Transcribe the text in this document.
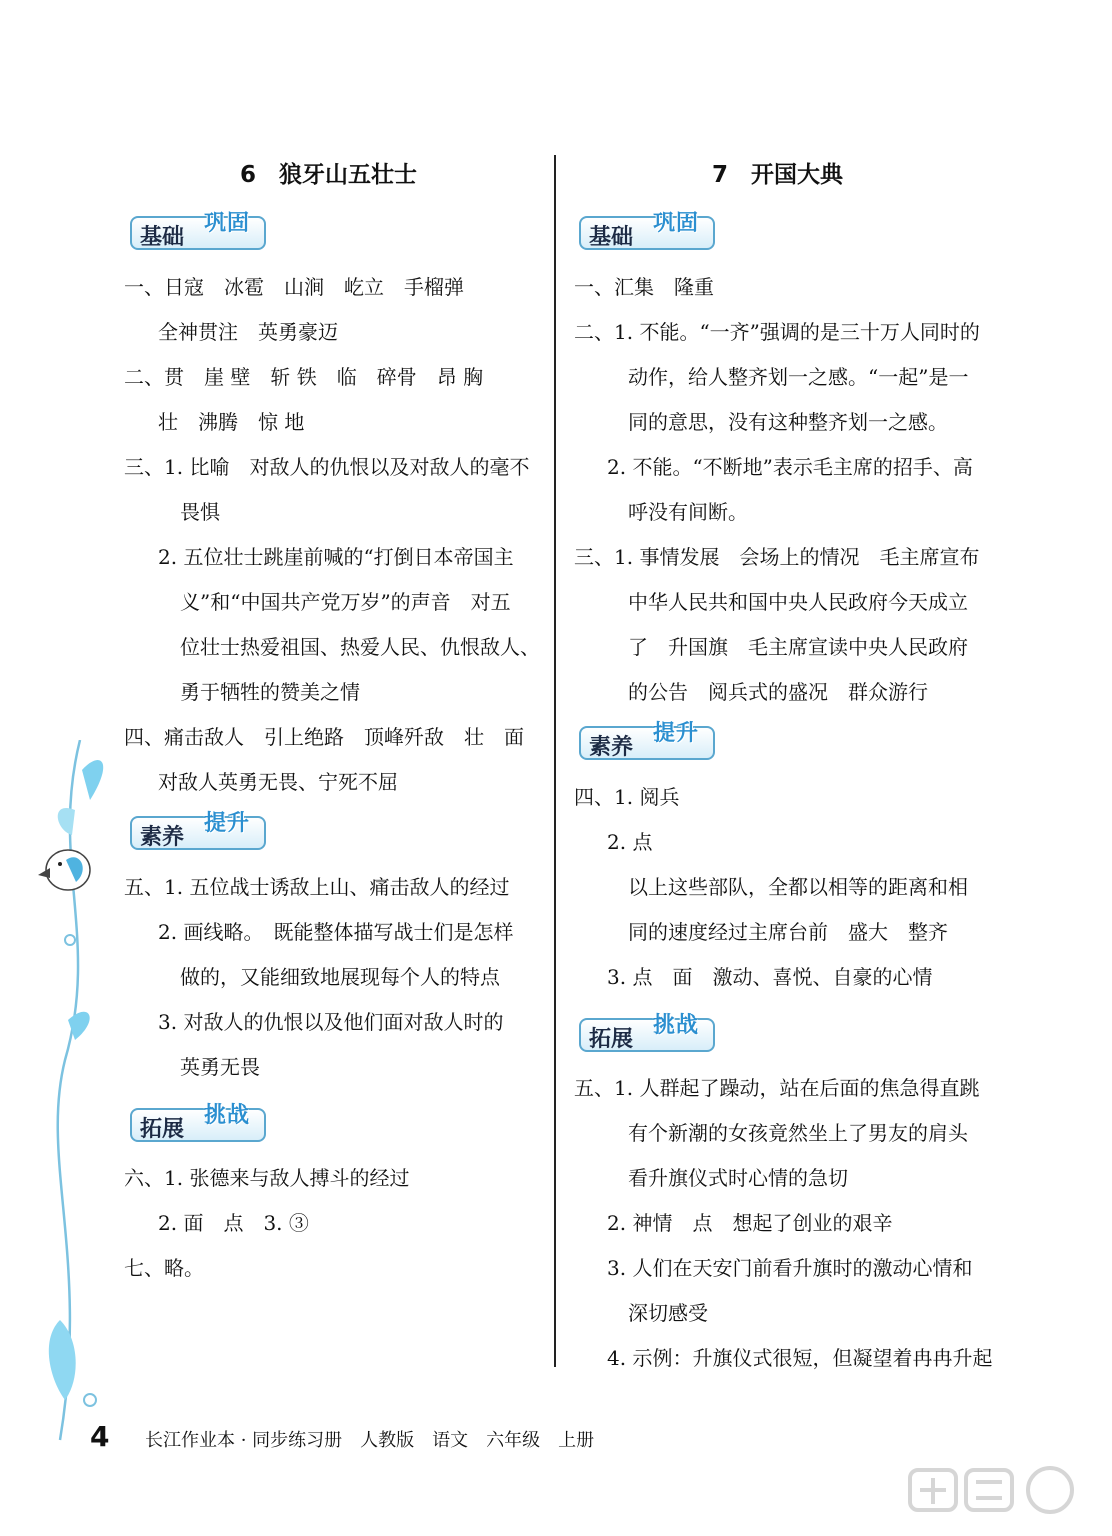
6　狼牙山五壮士
基础
巩固
一、日寇　冰雹　山涧　屹立　手榴弹
全神贯注　英勇豪迈
二、贯　崖 壁　斩 铁　临　碎骨　昂 胸
壮　沸腾　惊 地
三、1. 比喻　对敌人的仇恨以及对敌人的毫不
畏惧
2. 五位壮士跳崖前喊的“打倒日本帝国主
义”和“中国共产党万岁”的声音　对五
位壮士热爱祖国、热爱人民、仇恨敌人、
勇于牺牲的赞美之情
四、痛击敌人　引上绝路　顶峰歼敌　壮　面
对敌人英勇无畏、宁死不屈
素养
提升
五、1. 五位战士诱敌上山、痛击敌人的经过
2. 画线略。　既能整体描写战士们是怎样
做的，又能细致地展现每个人的特点
3. 对敌人的仇恨以及他们面对敌人时的
英勇无畏
拓展
挑战
六、1. 张德来与敌人搏斗的经过
2. 面　点　3. ③
七、略。
7　开国大典
基础
巩固
一、汇集　隆重
二、1. 不能。“一齐”强调的是三十万人同时的
动作，给人整齐划一之感。“一起”是一
同的意思，没有这种整齐划一之感。
2. 不能。“不断地”表示毛主席的招手、高
呼没有间断。
三、1. 事情发展　会场上的情况　毛主席宣布
中华人民共和国中央人民政府今天成立
了　升国旗　毛主席宣读中央人民政府
的公告　阅兵式的盛况　群众游行
素养
提升
四、1. 阅兵
2. 点
以上这些部队，全都以相等的距离和相
同的速度经过主席台前　盛大　整齐
3. 点　面　激动、喜悦、自豪的心情
拓展
挑战
五、1. 人群起了躁动，站在后面的焦急得直跳
有个新潮的女孩竟然坐上了男友的肩头
看升旗仪式时心情的急切
2. 神情　点　想起了创业的艰辛
3. 人们在天安门前看升旗时的激动心情和
深切感受
4. 示例：升旗仪式很短，但凝望着冉冉升起
4 长江作业本 · 同步练习册　人教版　语文　六年级　上册
